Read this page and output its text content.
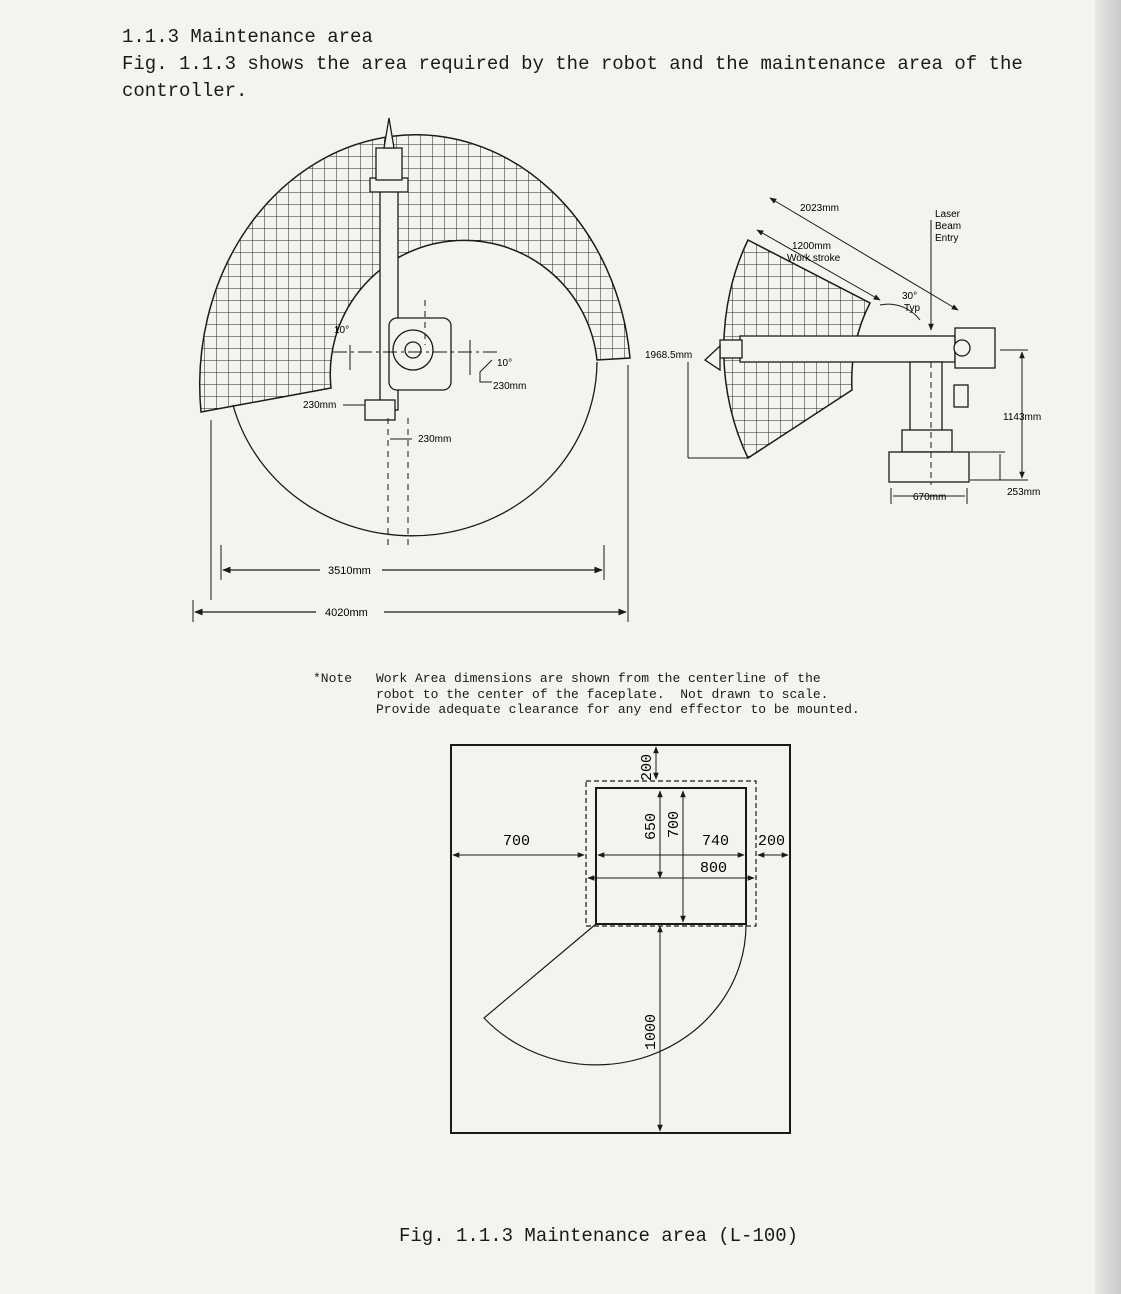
1.1.3 Maintenance area

Fig. 1.1.3 shows the area required by the robot and the maintenance area of the controller.

10°
10°
230mm
230mm
230mm
3510mm
4020mm
1968.5mm
Laser
Beam
Entry
2023mm
1200mm
Work stroke
30°
Typ
1143mm
253mm
670mm
200
650 700
700	740 200
800
1000
*Note Work Area dimensions are shown from the centerline of the
robot to the center of the faceplate.  Not drawn to scale.
Provide adequate clearance for any end effector to be mounted.
Fig. 1.1.3 Maintenance area (L-100)
